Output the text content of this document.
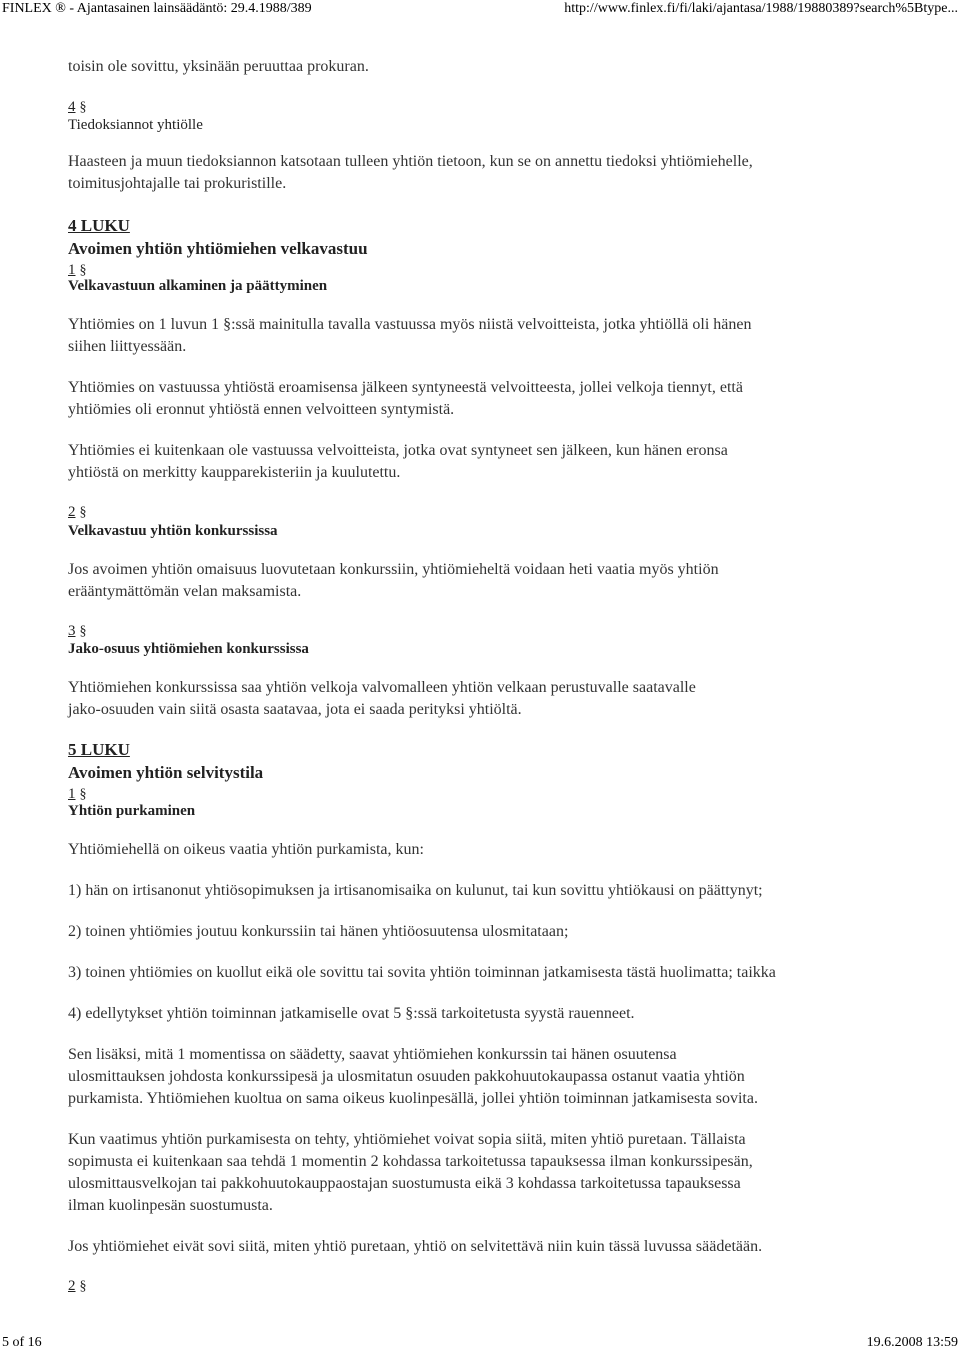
FINLEX ® - Ajantasainen lainsäädäntö: 29.4.1988/389	http://www.finlex.fi/fi/laki/ajantasa/1988/19880389?search%5Btype...
toisin ole sovittu, yksinään peruuttaa prokuran.
4 §
Tiedoksiannot yhtiölle
Haasteen ja muun tiedoksiannon katsotaan tulleen yhtiön tietoon, kun se on annettu tiedoksi yhtiömiehelle,
toimitusjohtajalle tai prokuristille.
4 LUKU
Avoimen yhtiön yhtiömiehen velkavastuu
1 §
Velkavastuun alkaminen ja päättyminen
Yhtiömies on 1 luvun 1 §:ssä mainitulla tavalla vastuussa myös niistä velvoitteista, jotka yhtiöllä oli hänen
siihen liittyessään.
Yhtiömies on vastuussa yhtiöstä eroamisensa jälkeen syntyneestä velvoitteesta, jollei velkoja tiennyt, että
yhtiömies oli eronnut yhtiöstä ennen velvoitteen syntymistä.
Yhtiömies ei kuitenkaan ole vastuussa velvoitteista, jotka ovat syntyneet sen jälkeen, kun hänen eronsa
yhtiöstä on merkitty kaupparekisteriin ja kuulutettu.
2 §
Velkavastuu yhtiön konkurssissa
Jos avoimen yhtiön omaisuus luovutetaan konkurssiin, yhtiömieheltä voidaan heti vaatia myös yhtiön
erääntymättömän velan maksamista.
3 §
Jako-osuus yhtiömiehen konkurssissa
Yhtiömiehen konkurssissa saa yhtiön velkoja valvomalleen yhtiön velkaan perustuvalle saatavalle
jako-osuuden vain siitä osasta saatavaa, jota ei saada perityksi yhtiöltä.
5 LUKU
Avoimen yhtiön selvitystila
1 §
Yhtiön purkaminen
Yhtiömiehellä on oikeus vaatia yhtiön purkamista, kun:
1) hän on irtisanonut yhtiösopimuksen ja irtisanomisaika on kulunut, tai kun sovittu yhtiökausi on päättynyt;
2) toinen yhtiömies joutuu konkurssiin tai hänen yhtiöosuutensa ulosmitataan;
3) toinen yhtiömies on kuollut eikä ole sovittu tai sovita yhtiön toiminnan jatkamisesta tästä huolimatta; taikka
4) edellytykset yhtiön toiminnan jatkamiselle ovat 5 §:ssä tarkoitetusta syystä rauenneet.
Sen lisäksi, mitä 1 momentissa on säädetty, saavat yhtiömiehen konkurssin tai hänen osuutensa
ulosmittauksen johdosta konkurssipesä ja ulosmitatun osuuden pakkohuutokaupassa ostanut vaatia yhtiön
purkamista. Yhtiömiehen kuoltua on sama oikeus kuolinpesällä, jollei yhtiön toiminnan jatkamisesta sovita.
Kun vaatimus yhtiön purkamisesta on tehty, yhtiömiehet voivat sopia siitä, miten yhtiö puretaan. Tällaista
sopimusta ei kuitenkaan saa tehdä 1 momentin 2 kohdassa tarkoitetussa tapauksessa ilman konkurssipesän,
ulosmittausvelkojan tai pakkohuutokauppaostajan suostumusta eikä 3 kohdassa tarkoitetussa tapauksessa
ilman kuolinpesän suostumusta.
Jos yhtiömiehet eivät sovi siitä, miten yhtiö puretaan, yhtiö on selvitettävä niin kuin tässä luvussa säädetään.
2 §
5 of 16	19.6.2008 13:59
